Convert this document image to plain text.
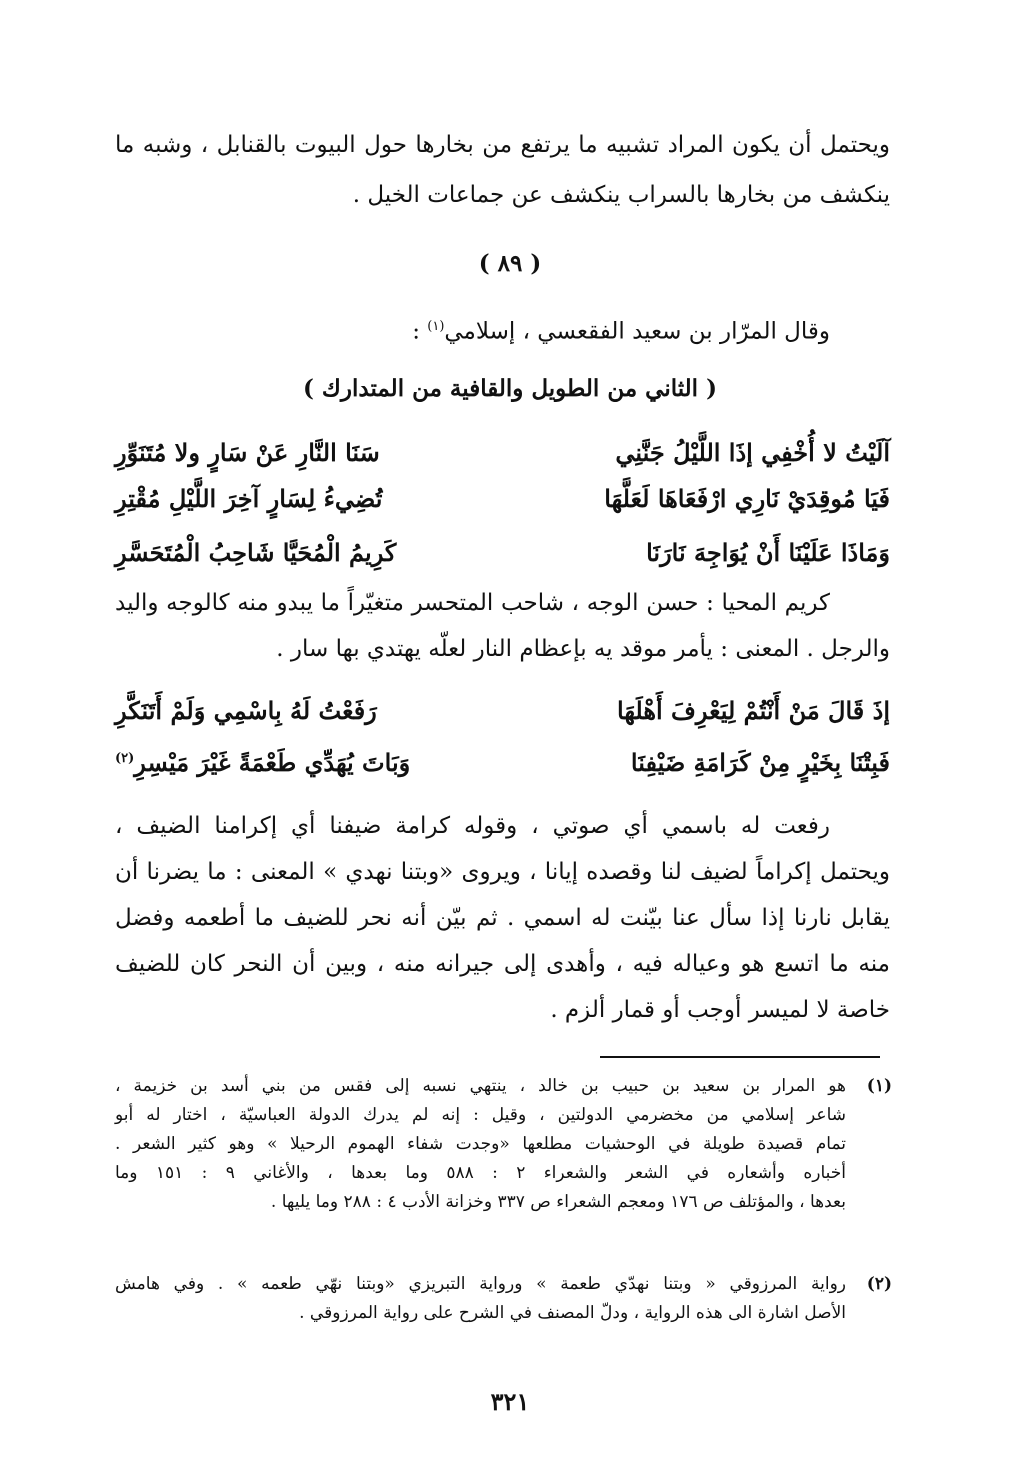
ويحتمل أن يكون المراد تشبيه ما يرتفع من بخارها حول البيوت بالقنابل ، وشبه ما
ينكشف من بخارها بالسراب ينكشف عن جماعات الخيل .
( ٨٩ )
وقال المرّار بن سعيد الفقعسي ، إسلامي$^{(١)}$ :
( الثاني من الطويل والقافية من المتدارك )
آلَيْتُ لا أُخْفِي إذَا اللَّيْلُ جَنَّنِي
سَنَا النَّارِ عَنْ سَارٍ ولا مُتَنَوِّرِ
فَيَا مُوقِدَيْ نَارِي ارْفَعَاهَا لَعَلَّهَا
تُضِيءُ لِسَارٍ آخِرَ اللَّيْلِ مُقْتِرِ
وَمَاذَا عَلَيْنَا أَنْ يُوَاجِهَ نَارَنَا
كَرِيمُ الْمُحَيَّا شَاحِبُ الْمُتَحَسَّرِ
كريم المحيا : حسن الوجه ، شاحب المتحسر متغيّراً ما يبدو منه كالوجه واليد
والرجل . المعنى : يأمر موقد يه بإعظام النار لعلّه يهتدي بها سار .
إذَ قَالَ مَنْ أَنْتُمْ لِيَعْرِفَ أَهْلَهَا
رَفَعْتُ لَهُ بِاسْمِي وَلَمْ أَتَنَكَّرِ
فَبِتْنَا بِخَيْرٍ مِنْ كَرَامَةِ ضَيْفِنَا
وَبَاتَ يُهَدِّي طَعْمَةً غَيْرَ مَيْسِرِ$^{(٢)}$
رفعت له باسمي أي صوتي ، وقوله كرامة ضيفنا أي إكرامنا الضيف ،
ويحتمل إكراماً لضيف لنا وقصده إيانا ، ويروى «وبتنا نهدي » المعنى : ما يضرنا أن
يقابل نارنا إذا سأل عنا بيّنت له اسمي . ثم بيّن أنه نحر للضيف ما أطعمه وفضل
منه ما اتسع هو وعياله فيه ، وأهدى إلى جيرانه منه ، وبين أن النحر كان للضيف
خاصة لا لميسر أوجب أو قمار ألزم .
(١)
هو المرار بن سعيد بن حبيب بن خالد ، ينتهي نسبه إلى فقس من بني أسد بن خزيمة ،
شاعر إسلامي من مخضرمي الدولتين ، وقيل : إنه لم يدرك الدولة العباسيّة ، اختار له أبو
تمام قصيدة طويلة في الوحشيات مطلعها «وجدت شفاء الهموم الرحيلا » وهو كثير الشعر .
أخباره وأشعاره في الشعر والشعراء ٢ : ٥٨٨ وما بعدها ، والأغاني ٩ : ١٥١ وما
بعدها ، والمؤتلف ص ١٧٦ ومعجم الشعراء ص ٣٣٧ وخزانة الأدب ٤ : ٢٨٨ وما يليها .
(٢)
رواية المرزوقي « وبتنا نهدّي طعمة » ورواية التبريزي «وبتنا نهّي طعمه » . وفي هامش
الأصل اشارة الى هذه الرواية ، ودلّ المصنف في الشرح على رواية المرزوقي .
٣٢١
